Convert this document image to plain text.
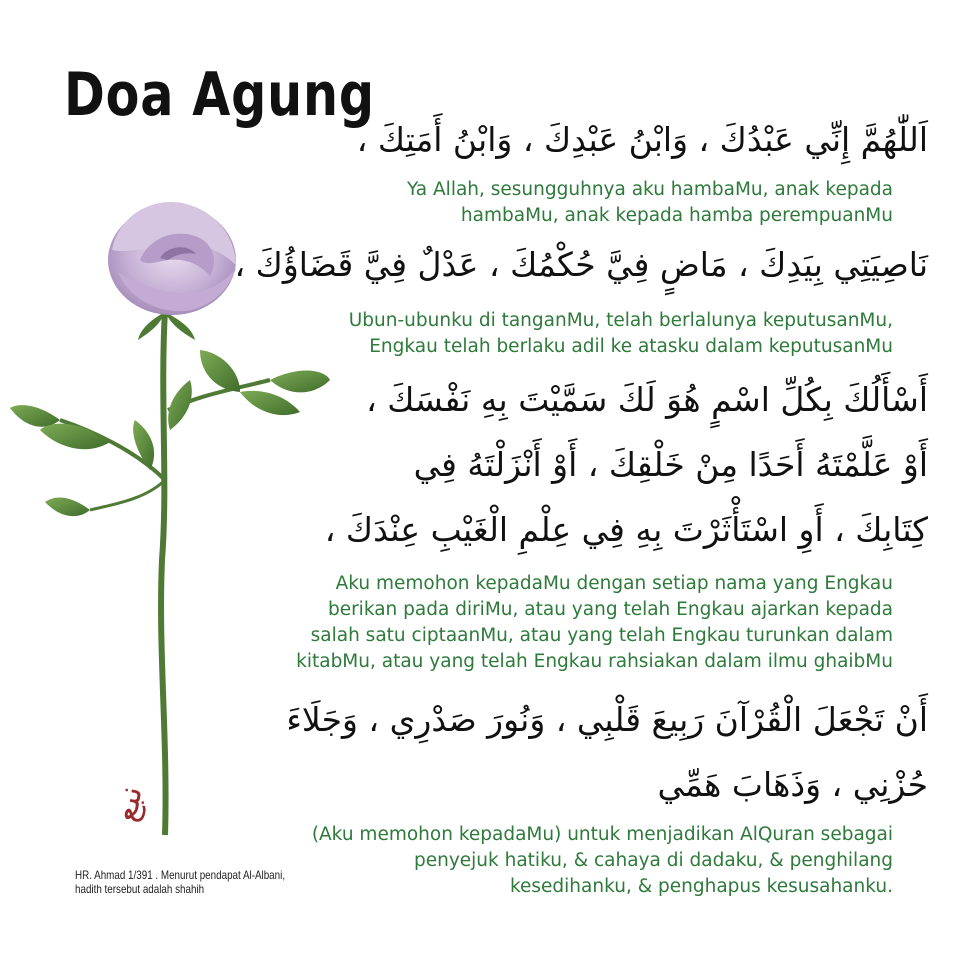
Doa Agung
اَللّٰهُمَّ إِنِّي عَبْدُكَ ، وَابْنُ عَبْدِكَ ، وَابْنُ أَمَتِكَ ،
Ya Allah, sesungguhnya aku hambaMu, anak kepada
hambaMu, anak kepada hamba perempuanMu
نَاصِيَتِي بِيَدِكَ ، مَاضٍ فِيَّ حُكْمُكَ ، عَدْلٌ فِيَّ قَضَاؤُكَ ،
Ubun-ubunku di tanganMu, telah berlalunya keputusanMu,
Engkau telah berlaku adil ke atasku dalam keputusanMu
أَسْأَلُكَ بِكُلِّ اسْمٍ هُوَ لَكَ سَمَّيْتَ بِهِ نَفْسَكَ ،
أَوْ عَلَّمْتَهُ أَحَدًا مِنْ خَلْقِكَ ، أَوْ أَنْزَلْتَهُ فِي
كِتَابِكَ ، أَوِ اسْتَأْثَرْتَ بِهِ فِي عِلْمِ الْغَيْبِ عِنْدَكَ ،
Aku memohon kepadaMu dengan setiap nama yang Engkau
berikan pada diriMu, atau yang telah Engkau ajarkan kepada
salah satu ciptaanMu, atau yang telah Engkau turunkan dalam
kitabMu, atau yang telah Engkau rahsiakan dalam ilmu ghaibMu
أَنْ تَجْعَلَ الْقُرْآنَ رَبِيعَ قَلْبِي ، وَنُورَ صَدْرِي ، وَجَلَاءَ
حُزْنِي ، وَذَهَابَ هَمِّي
(Aku memohon kepadaMu) untuk menjadikan AlQuran sebagai
penyejuk hatiku, & cahaya di dadaku, & penghilang
kesedihanku, & penghapus kesusahanku.
نبع
HR. Ahmad 1/391 . Menurut pendapat Al-Albani,
hadith tersebut adalah shahih
